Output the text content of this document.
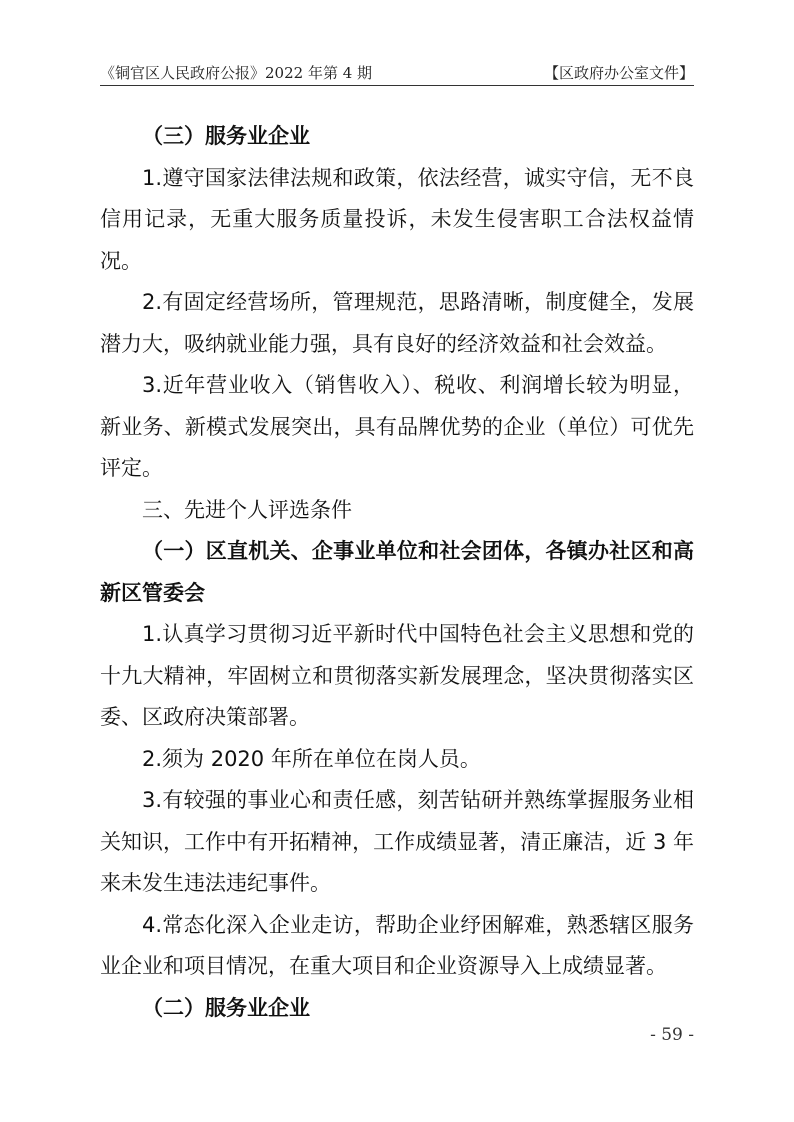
《铜官区人民政府公报》2022 年第 4 期	【区政府办公室文件】

（三）服务业企业

1.遵守国家法律法规和政策，依法经营，诚实守信，无不良信用记录，无重大服务质量投诉，未发生侵害职工合法权益情况。

2.有固定经营场所，管理规范，思路清晰，制度健全，发展潜力大，吸纳就业能力强，具有良好的经济效益和社会效益。

3.近年营业收入（销售收入）、税收、利润增长较为明显，新业务、新模式发展突出，具有品牌优势的企业（单位）可优先评定。

三、先进个人评选条件

（一）区直机关、企事业单位和社会团体，各镇办社区和高新区管委会

1.认真学习贯彻习近平新时代中国特色社会主义思想和党的十九大精神，牢固树立和贯彻落实新发展理念，坚决贯彻落实区委、区政府决策部署。

2.须为 2020 年所在单位在岗人员。

3.有较强的事业心和责任感，刻苦钻研并熟练掌握服务业相关知识，工作中有开拓精神，工作成绩显著，清正廉洁，近 3 年来未发生违法违纪事件。

4.常态化深入企业走访，帮助企业纾困解难，熟悉辖区服务业企业和项目情况，在重大项目和企业资源导入上成绩显著。

（二）服务业企业

- 59 -
